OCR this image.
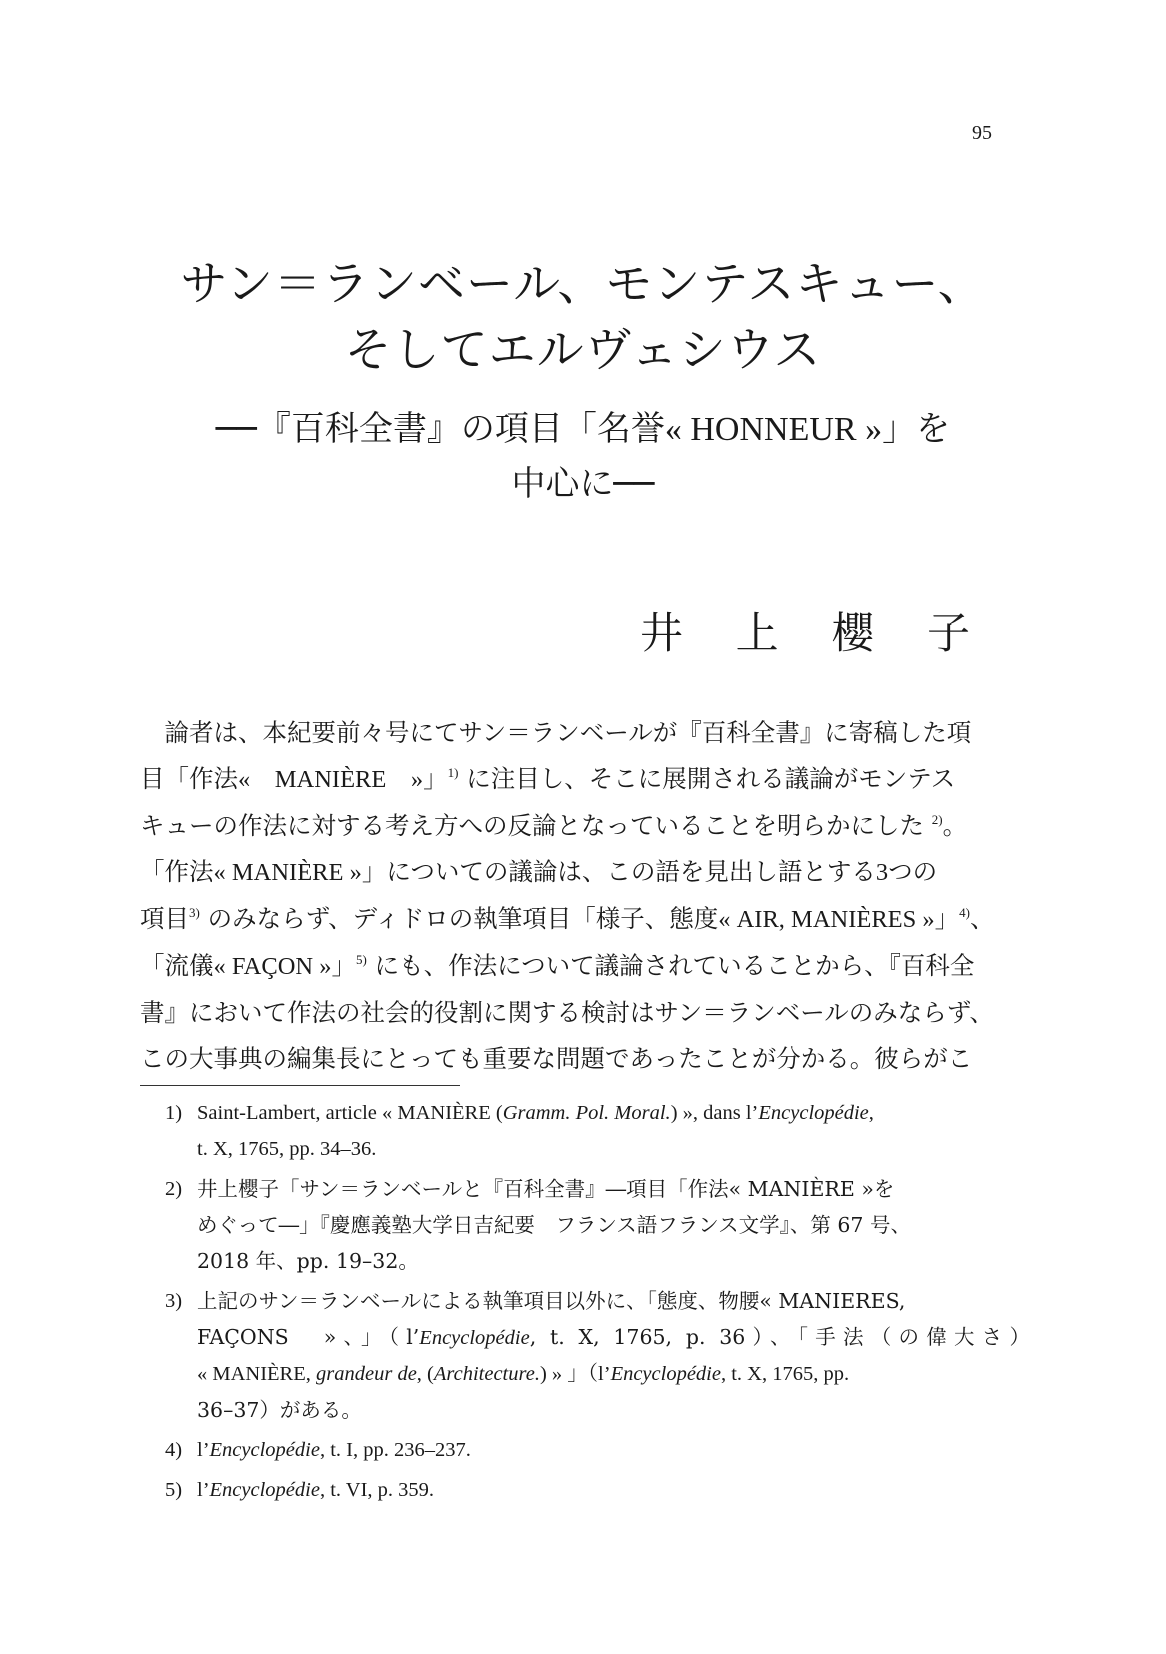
95
サン＝ランベール、モンテスキュー、
そしてエルヴェシウス
──『百科全書』の項目「名誉« HONNEUR »」を
中心に──
井 上 櫻 子

論者は、本紀要前々号にてサン＝ランベールが『百科全書』に寄稿した項

目「作法«　MANIÈRE　»」$^{1)}$ に注目し、そこに展開される議論がモンテス

キューの作法に対する考え方への反論となっていることを明らかにした $^{2)}$。

「作法« MANIÈRE »」についての議論は、この語を見出し語とする3つの

項目$^{3)}$ のみならず、ディドロの執筆項目「様子、態度« AIR, MANIÈRES »」$^{4)}$、

「流儀« FAÇON »」$^{5)}$ にも、作法について議論されていることから、『百科全

書』において作法の社会的役割に関する検討はサン＝ランベールのみならず、

この大事典の編集長にとっても重要な問題であったことが分かる。彼らがこ

1) Saint-Lambert, article « MANIÈRE (Gramm. Pol. Moral.) », dans l’Encyclopédie,
t. X, 1765, pp. 34–36.
2) 井上櫻子「サン＝ランベールと『百科全書』―項目「作法« MANIÈRE »を
めぐって―」『慶應義塾大学日吉紀要　フランス語フランス文学』、第 67 号、
2018 年、pp. 19–32。
3) 上記のサン＝ランベールによる執筆項目以外に、「態度、物腰« MANIERES,
FAÇONS　»、」（l’Encyclopédie, t. X, 1765, p. 36）、「手法（の偉大さ）
« MANIÈRE, grandeur de, (Architecture.) » 」（l’Encyclopédie, t. X, 1765, pp.
36–37）がある。
4) l’Encyclopédie, t. I, pp. 236–237.
5) l’Encyclopédie, t. VI, p. 359.
